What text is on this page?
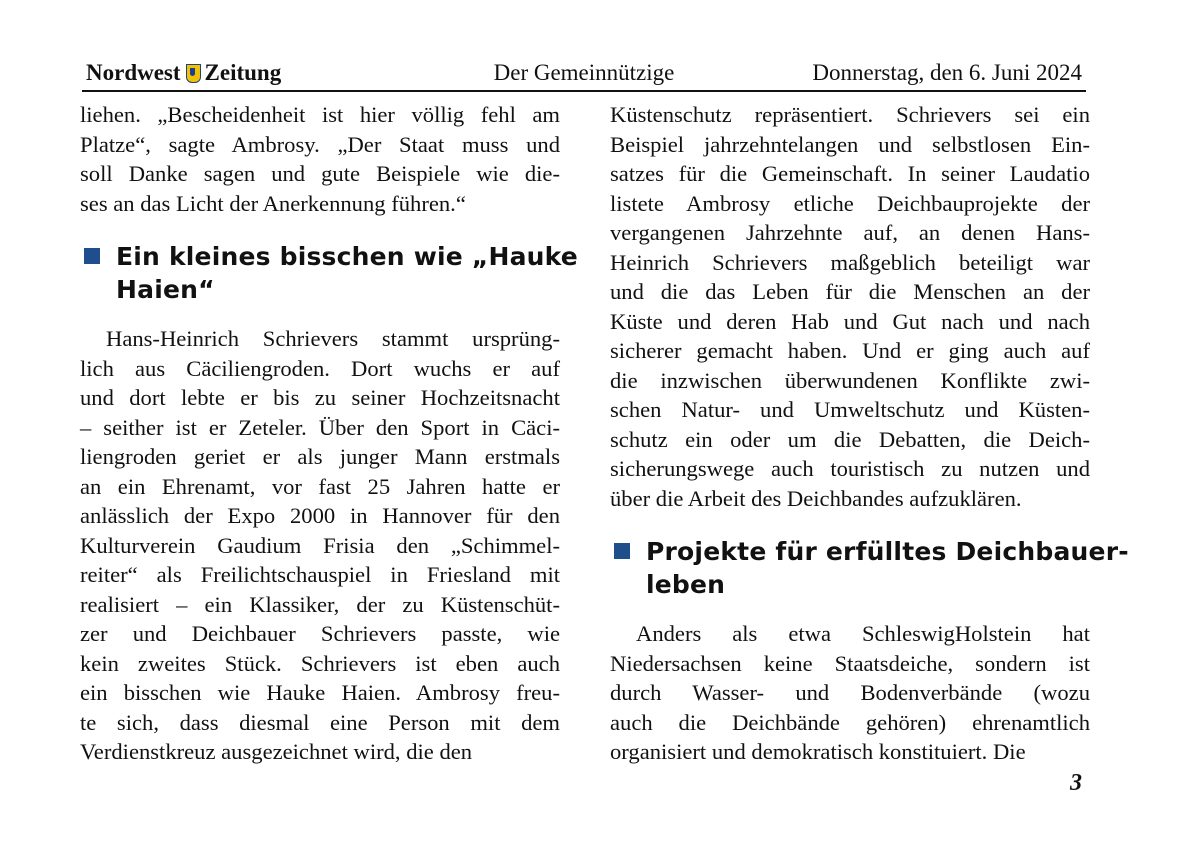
Nordwest Zeitung	Der Gemeinnützige	Donnerstag, den 6. Juni 2024

liehen. „Bescheidenheit ist hier völlig fehl am
Platze“, sagte Ambrosy. „Der Staat muss und
soll Danke sagen und gute Beispiele wie die-
ses an das Licht der Anerkennung führen.“

Ein kleines bisschen wie „Hauke
Haien“

Hans-Heinrich Schrievers stammt ursprüng-
lich aus Cäciliengroden. Dort wuchs er auf
und dort lebte er bis zu seiner Hochzeitsnacht
– seither ist er Zeteler. Über den Sport in Cäci-
liengroden geriet er als junger Mann erstmals
an ein Ehrenamt, vor fast 25 Jahren hatte er
anlässlich der Expo 2000 in Hannover für den
Kulturverein Gaudium Frisia den „Schimmel-
reiter“ als Freilichtschauspiel in Friesland mit
realisiert – ein Klassiker, der zu Küstenschüt-
zer und Deichbauer Schrievers passte, wie
kein zweites Stück. Schrievers ist eben auch
ein bisschen wie Hauke Haien. Ambrosy freu-
te sich, dass diesmal eine Person mit dem
Verdienstkreuz ausgezeichnet wird, die den

Küstenschutz repräsentiert. Schrievers sei ein
Beispiel jahrzehntelangen und selbstlosen Ein-
satzes für die Gemeinschaft. In seiner Laudatio
listete Ambrosy etliche Deichbauprojekte der
vergangenen Jahrzehnte auf, an denen Hans-
Heinrich Schrievers maßgeblich beteiligt war
und die das Leben für die Menschen an der
Küste und deren Hab und Gut nach und nach
sicherer gemacht haben. Und er ging auch auf
die inzwischen überwundenen Konflikte zwi-
schen Natur- und Umweltschutz und Küsten-
schutz ein oder um die Debatten, die Deich-
sicherungswege auch touristisch zu nutzen und
über die Arbeit des Deichbandes aufzuklären.

Projekte für erfülltes Deichbauer-
leben

Anders als etwa SchleswigHolstein hat
Niedersachsen keine Staatsdeiche, sondern ist
durch Wasser- und Bodenverbände (wozu
auch die Deichbände gehören) ehrenamtlich
organisiert und demokratisch konstituiert. Die

3
